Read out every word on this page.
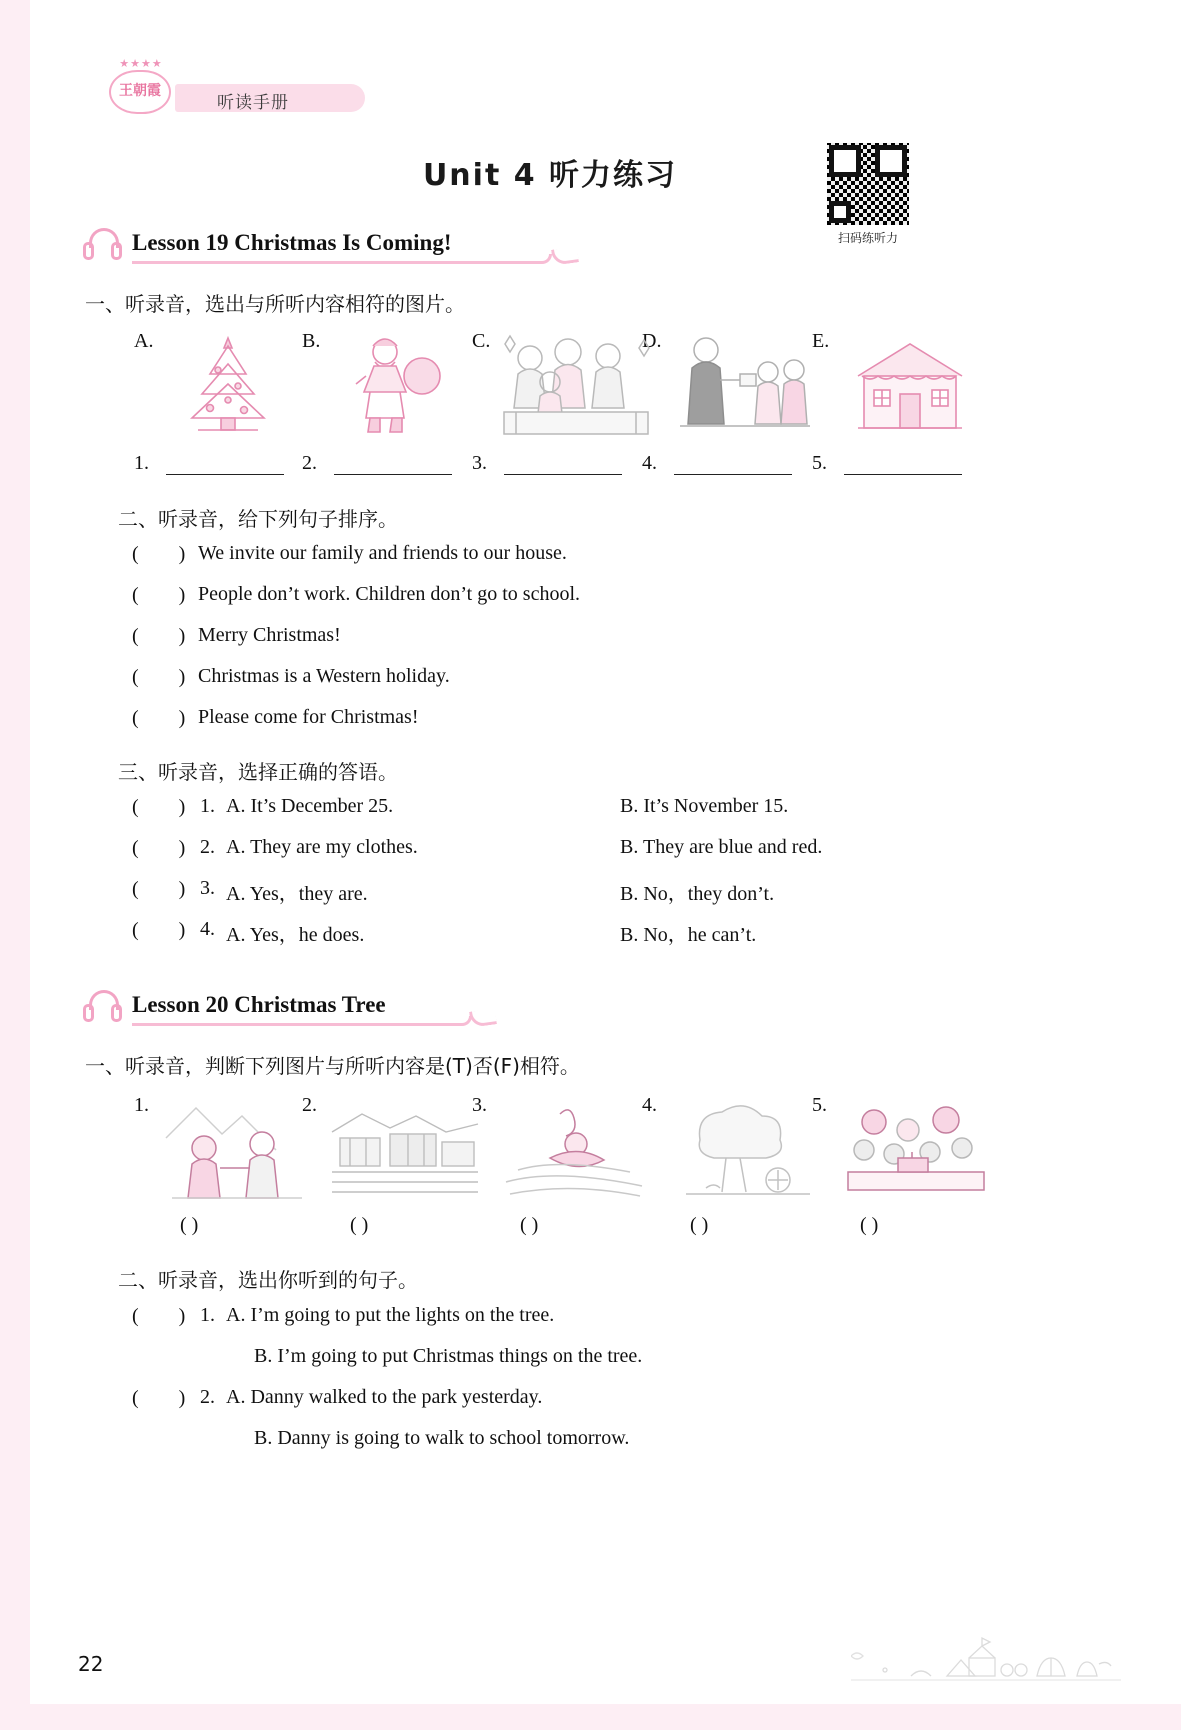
★★★★
王朝霞
听读手册
Unit 4 听力练习
扫码练听力
Lesson 19 Christmas Is Coming!
一、听录音，选出与所听内容相符的图片。
A.	B.	C.	D.	E.
1.	2.	3.	4.	5.
二、听录音，给下列句子排序。
(        ) We invite our family and friends to our house.
(        ) People don’t work. Children don’t go to school.
(        ) Merry Christmas!
(        ) Christmas is a Western holiday.
(        ) Please come for Christmas!
三、听录音，选择正确的答语。
(        ) 1. A. It’s December 25.	B. It’s November 15.
(        ) 2. A. They are my clothes.	B. They are blue and red.
(        ) 3. A. Yes，they are.	B. No，they don’t.
(        ) 4. A. Yes，he does.	B. No，he can’t.
Lesson 20 Christmas Tree
一、听录音，判断下列图片与所听内容是(T)否(F)相符。
1.	2.	3.	4.	5.
( )	( )	( )	( )	( )
二、听录音，选出你听到的句子。
(        ) 1. A. I’m going to put the lights on the tree.
B. I’m going to put Christmas things on the tree.
(        ) 2. A. Danny walked to the park yesterday.
B. Danny is going to walk to school tomorrow.
22
